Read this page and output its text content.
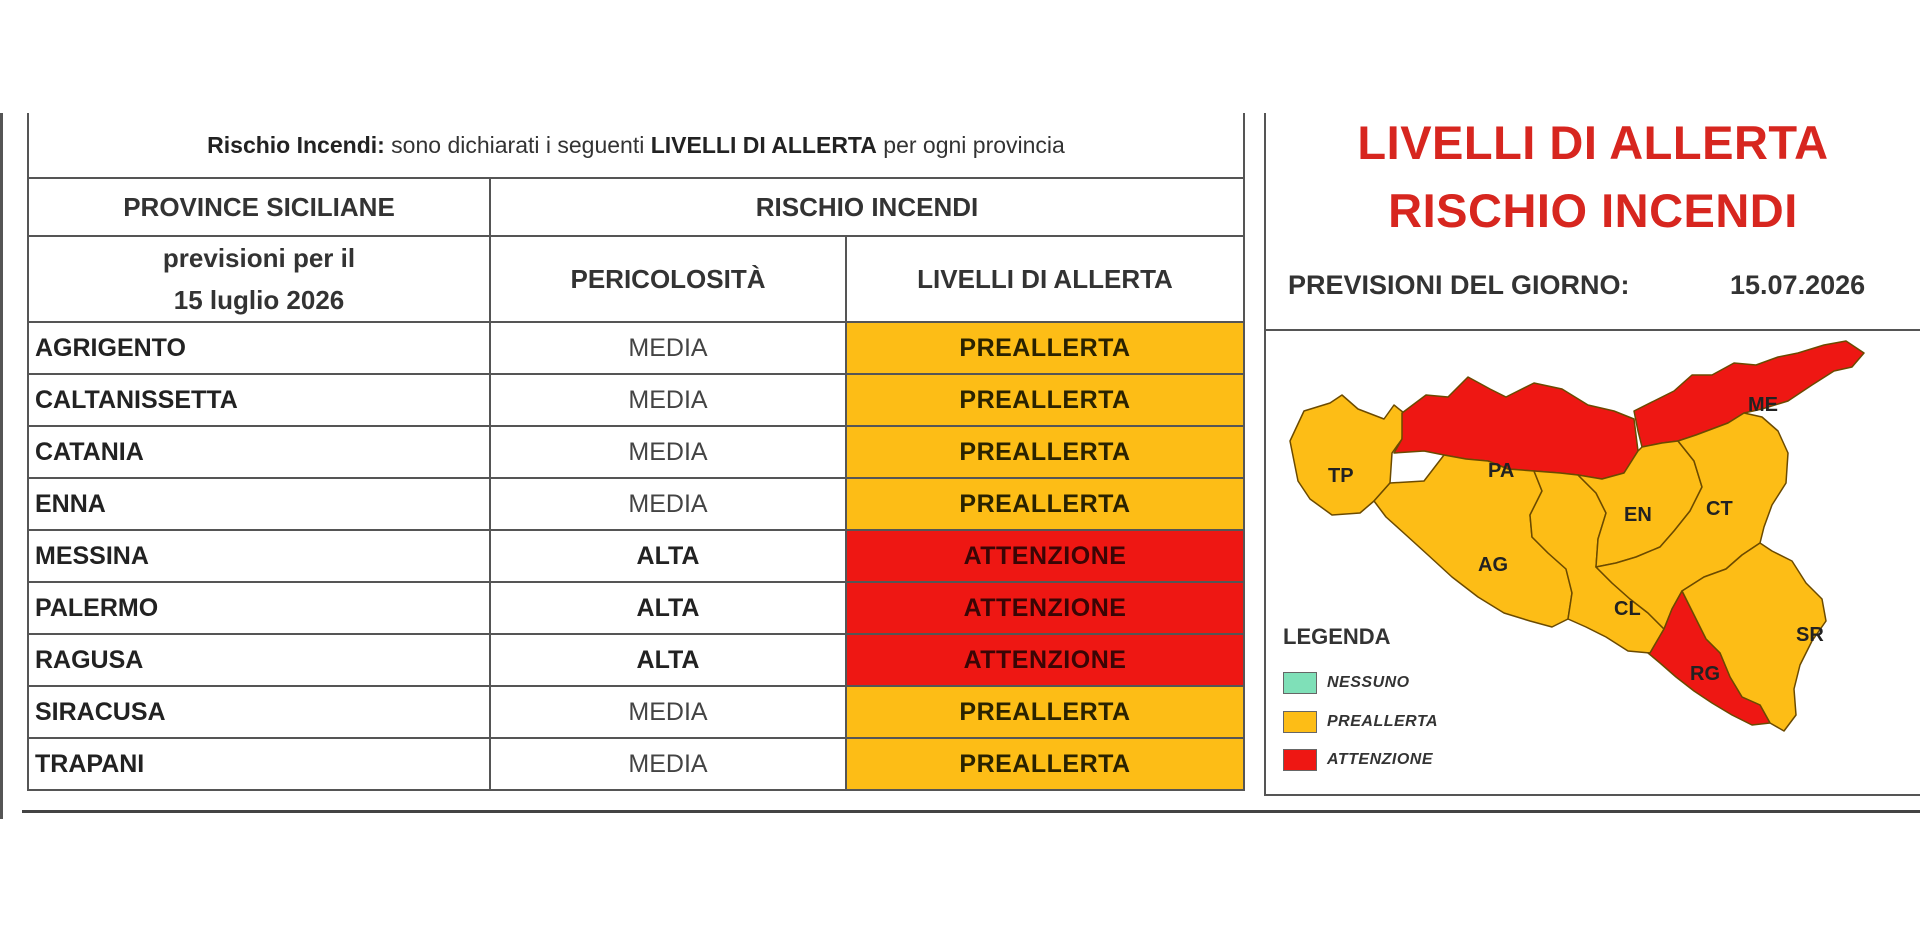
Rischio Incendi: sono dichiarati i seguenti LIVELLI DI ALLERTA per ogni provincia		
PROVINCE SICILIANE	RISCHIO INCENDI	

previsioni per il
15 luglio 2026	PERICOLOSITÀ	LIVELLI DI ALLERTA
AGRIGENTO	MEDIA	PREALLERTA
CALTANISSETTA	MEDIA	PREALLERTA
CATANIA	MEDIA	PREALLERTA
ENNA	MEDIA	PREALLERTA
MESSINA	ALTA	ATTENZIONE
PALERMO	ALTA	ATTENZIONE
RAGUSA	ALTA	ATTENZIONE
SIRACUSA	MEDIA	PREALLERTA
TRAPANI	MEDIA	PREALLERTA
LIVELLI DI ALLERTA
RISCHIO INCENDI
PREVISIONI DEL GIORNO:	15.07.2026
TP	PA
ME
EN	CT
AG
CL
SR
RG
LEGENDA
NESSUNO
PREALLERTA
ATTENZIONE
